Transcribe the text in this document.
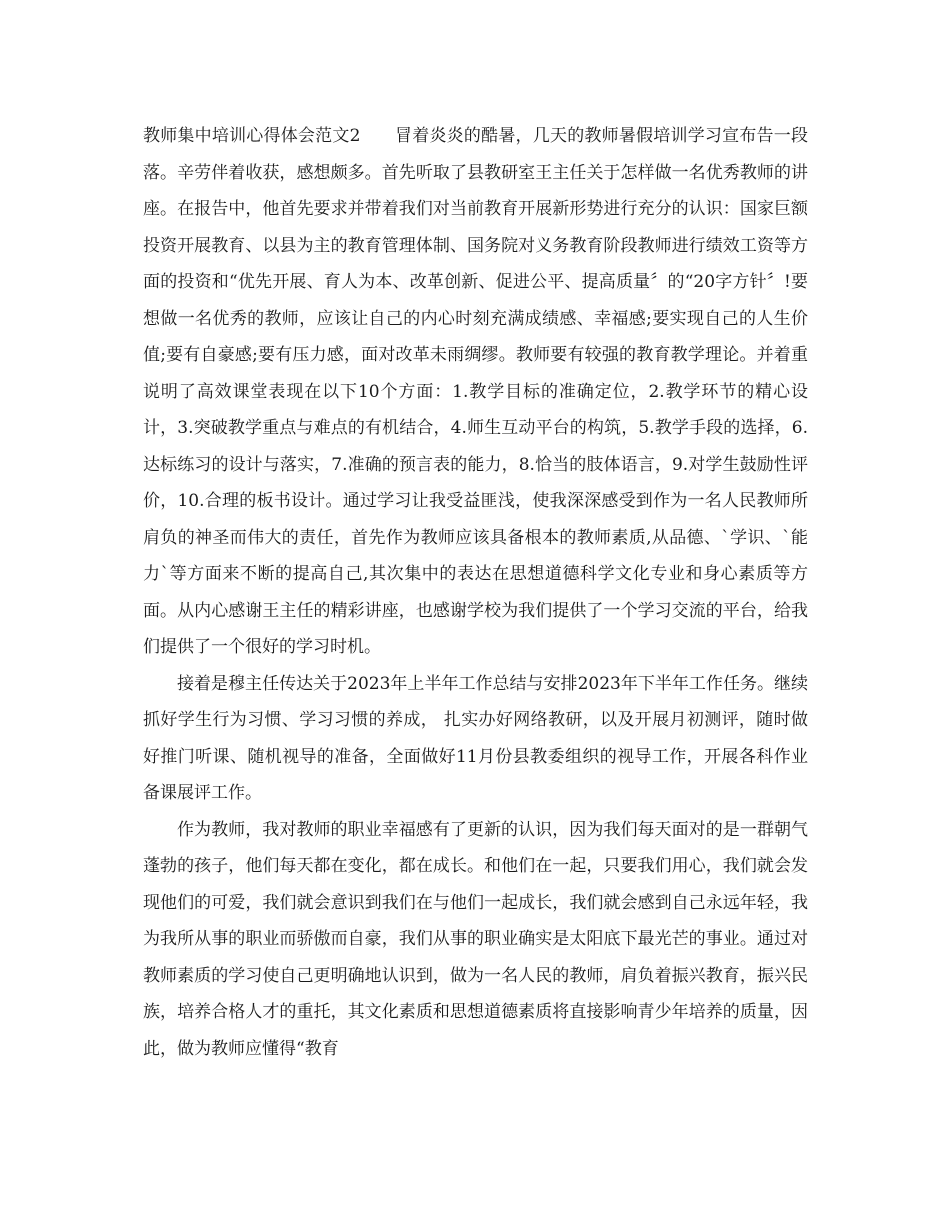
教师集中培训心得体会范文2　　冒着炎炎的酷暑，几天的教师暑假培训学习宣布告一段落。辛劳伴着收获，感想颇多。首先听取了县教研室王主任关于怎样做一名优秀教师的讲座。在报告中，他首先要求并带着我们对当前教育开展新形势进行充分的认识：国家巨额投资开展教育、以县为主的教育管理体制、国务院对义务教育阶段教师进行绩效工资等方面的投资和“优先开展、育人为本、改革创新、促进公平、提高质量〞的“20字方针〞!要想做一名优秀的教师，应该让自己的内心时刻充满成绩感、幸福感;要实现自己的人生价值;要有自豪感;要有压力感，面对改革未雨绸缪。教师要有较强的教育教学理论。并着重说明了高效课堂表现在以下10个方面：1.教学目标的准确定位，2.教学环节的精心设计，3.突破教学重点与难点的有机结合，4.师生互动平台的构筑，5.教学手段的选择，6.达标练习的设计与落实，7.准确的预言表的能力，8.恰当的肢体语言，9.对学生鼓励性评价，10.合理的板书设计。通过学习让我受益匪浅，使我深深感受到作为一名人民教师所肩负的神圣而伟大的责任，首先作为教师应该具备根本的教师素质,从品德、`学识、`能力`等方面来不断的提高自己,其次集中的表达在思想道德科学文化专业和身心素质等方面。从内心感谢王主任的精彩讲座，也感谢学校为我们提供了一个学习交流的平台，给我们提供了一个很好的学习时机。

接着是穆主任传达关于2023年上半年工作总结与安排2023年下半年工作任务。继续抓好学生行为习惯、学习习惯的养成， 扎实办好网络教研，以及开展月初测评，随时做好推门听课、随机视导的准备，全面做好11月份县教委组织的视导工作，开展各科作业备课展评工作。

作为教师，我对教师的职业幸福感有了更新的认识，因为我们每天面对的是一群朝气蓬勃的孩子，他们每天都在变化，都在成长。和他们在一起，只要我们用心，我们就会发现他们的可爱，我们就会意识到我们在与他们一起成长，我们就会感到自己永远年轻，我为我所从事的职业而骄傲而自豪，我们从事的职业确实是太阳底下最光芒的事业。通过对教师素质的学习使自己更明确地认识到，做为一名人民的教师，肩负着振兴教育，振兴民族，培养合格人才的重托，其文化素质和思想道德素质将直接影响青少年培养的质量，因此，做为教师应懂得“教育
